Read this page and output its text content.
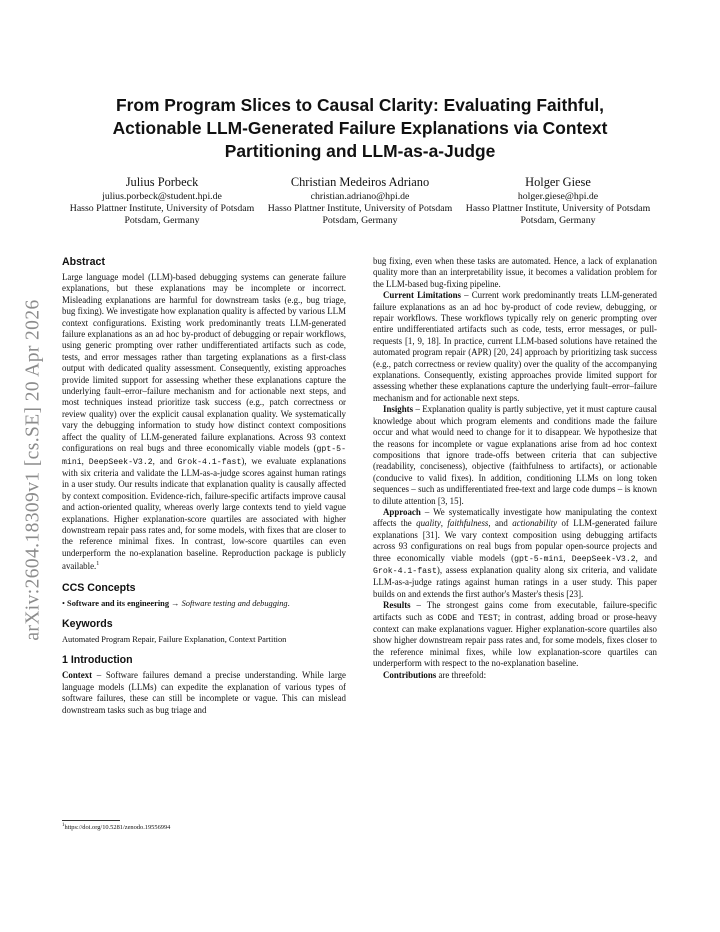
arXiv:2604.18309v1 [cs.SE] 20 Apr 2026
From Program Slices to Causal Clarity: Evaluating Faithful, Actionable LLM-Generated Failure Explanations via Context Partitioning and LLM-as-a-Judge
Julius Porbeck
julius.porbeck@student.hpi.de
Hasso Plattner Institute, University of Potsdam
Potsdam, Germany
Christian Medeiros Adriano
christian.adriano@hpi.de
Hasso Plattner Institute, University of Potsdam
Potsdam, Germany
Holger Giese
holger.giese@hpi.de
Hasso Plattner Institute, University of Potsdam
Potsdam, Germany
Abstract

Large language model (LLM)-based debugging systems can generate failure explanations, but these explanations may be incomplete or incorrect. Misleading explanations are harmful for downstream tasks (e.g., bug triage, bug fixing). We investigate how explanation quality is affected by various LLM context configurations. Existing work predominantly treats LLM-generated failure explanations as an ad hoc by-product of debugging or repair workflows, using generic prompting over rather undifferentiated artifacts such as code, tests, and error messages rather than targeting explanations as a first-class output with dedicated quality assessment. Consequently, existing approaches provide limited support for assessing whether these explanations capture the underlying fault–error–failure mechanism and for actionable next steps, and most techniques instead prioritize task success (e.g., patch correctness or review quality) over the explicit causal explanation quality. We systematically vary the debugging information to study how distinct context compositions affect the quality of LLM-generated failure explanations. Across 93 context configurations on real bugs and three economically viable models (gpt-5-mini, DeepSeek-V3.2, and Grok-4.1-fast), we evaluate explanations with six criteria and validate the LLM-as-a-judge scores against human ratings in a user study. Our results indicate that explanation quality is causally affected by context composition. Evidence-rich, failure-specific artifacts improve causal and action-oriented quality, whereas overly large contexts tend to yield vague explanations. Higher explanation-score quartiles are associated with higher downstream repair pass rates and, for some models, with fixes that are closer to the reference minimal fixes. In contrast, low-score quartiles can even underperform the no-explanation baseline. Reproduction package is publicly available.$^1$

CCS Concepts

• Software and its engineering → Software testing and debugging.

Keywords

Automated Program Repair, Failure Explanation, Context Partition

1 Introduction

Context – Software failures demand a precise understanding. While large language models (LLMs) can expedite the explanation of various types of software failures, these can still be incomplete or vague. This can mislead downstream tasks such as bug triage and

bug fixing, even when these tasks are automated. Hence, a lack of explanation quality more than an interpretability issue, it becomes a validation problem for the LLM-based bug-fixing pipeline.

Current Limitations – Current work predominantly treats LLM-generated failure explanations as an ad hoc by-product of code review, debugging, or repair workflows. These workflows typically rely on generic prompting over entire undifferentiated artifacts such as code, tests, error messages, or pull-requests [1, 9, 18]. In practice, current LLM-based solutions have retained the automated program repair (APR) [20, 24] approach by prioritizing task success (e.g., patch correctness or review quality) over the quality of the accompanying explanations. Consequently, existing approaches provide limited support for assessing whether these explanations capture the underlying fault–error–failure mechanism and for actionable next steps.

Insights – Explanation quality is partly subjective, yet it must capture causal knowledge about which program elements and conditions made the failure occur and what would need to change for it to disappear. We hypothesize that the reasons for incomplete or vague explanations arise from ad hoc context compositions that ignore trade-offs between criteria that can subjective (readability, conciseness), objective (faithfulness to artifacts), or actionable (conducive to valid fixes). In addition, conditioning LLMs on long token sequences – such as undifferentiated free-text and large code dumps – is known to dilute attention [3, 15].

Approach – We systematically investigate how manipulating the context affects the quality, faithfulness, and actionability of LLM-generated failure explanations [31]. We vary context composition using debugging artifacts across 93 configurations on real bugs from popular open-source projects and three economically viable models (gpt-5-mini, DeepSeek-V3.2, and Grok-4.1-fast), assess explanation quality along six criteria, and validate LLM-as-a-judge ratings against human ratings in a user study. This paper builds on and extends the first author's Master's thesis [23].

Results – The strongest gains come from executable, failure-specific artifacts such as CODE and TEST; in contrast, adding broad or prose-heavy context can make explanations vaguer. Higher explanation-score quartiles also show higher downstream repair pass rates and, for some models, fixes closer to the reference minimal fixes, while low explanation-score quartiles can underperform with respect to the no-explanation baseline.

Contributions are threefold:

$^1$https://doi.org/10.5281/zenodo.19556994
